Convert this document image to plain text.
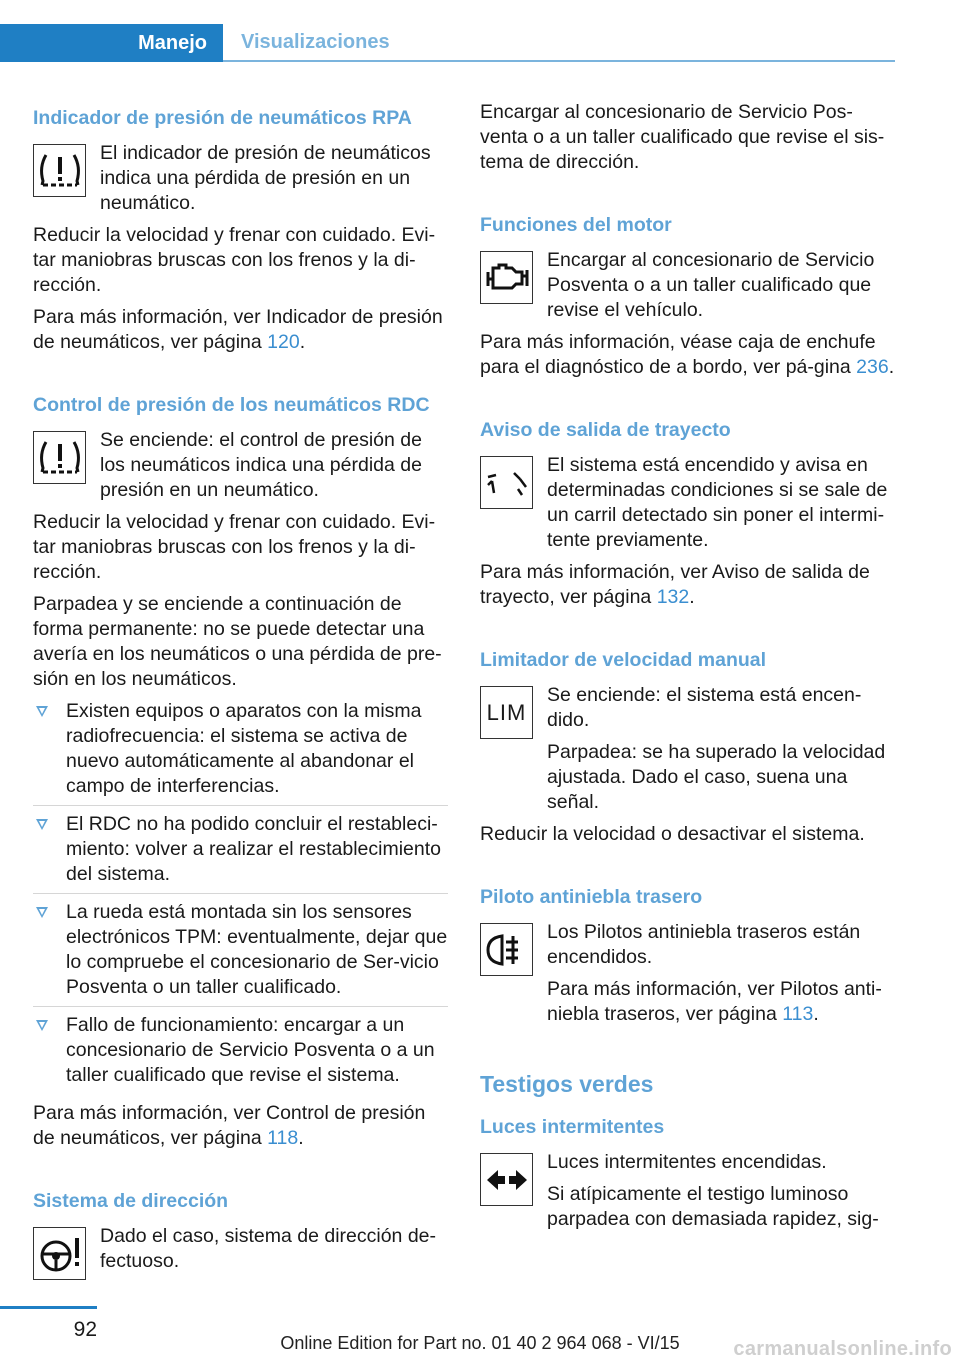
Manejo	Visualizaciones
Indicador de presión de neumáticos RPA

El indicador de presión de neumáticos indica una pérdida de presión en un neumático.

Reducir la velocidad y frenar con cuidado. Evi-tar maniobras bruscas con los frenos y la di-rección.

Para más información, ver Indicador de presión de neumáticos, ver página 120.

Control de presión de los neumáticos RDC

Se enciende: el control de presión de los neumáticos indica una pérdida de presión en un neumático.

Reducir la velocidad y frenar con cuidado. Evi-tar maniobras bruscas con los frenos y la di-rección.

Parpadea y se enciende a continuación de forma permanente: no se puede detectar una avería en los neumáticos o una pérdida de pre-sión en los neumáticos.

Existen equipos o aparatos con la misma radiofrecuencia: el sistema se activa de nuevo automáticamente al abandonar el campo de interferencias.
El RDC no ha podido concluir el restableci-miento: volver a realizar el restablecimiento del sistema.
La rueda está montada sin los sensores electrónicos TPM: eventualmente, dejar que lo compruebe el concesionario de Ser-vicio Posventa o un taller cualificado.
Fallo de funcionamiento: encargar a un concesionario de Servicio Posventa o a un taller cualificado que revise el sistema.

Para más información, ver Control de presión de neumáticos, ver página 118.

Sistema de dirección

Dado el caso, sistema de dirección de-fectuoso.

Encargar al concesionario de Servicio Pos-venta o a un taller cualificado que revise el sis-tema de dirección.

Funciones del motor

Encargar al concesionario de Servicio Posventa o a un taller cualificado que revise el vehículo.

Para más información, véase caja de enchufe para el diagnóstico de a bordo, ver pá-gina 236.

Aviso de salida de trayecto

El sistema está encendido y avisa en determinadas condiciones si se sale de un carril detectado sin poner el intermi-tente previamente.

Para más información, ver Aviso de salida de trayecto, ver página 132.

Limitador de velocidad manual
LIM

Se enciende: el sistema está encen-dido.

Parpadea: se ha superado la velocidad ajustada. Dado el caso, suena una señal.

Reducir la velocidad o desactivar el sistema.

Piloto antiniebla trasero

Los Pilotos antiniebla traseros están encendidos.

Para más información, ver Pilotos anti-niebla traseros, ver página 113.

Testigos verdes
Luces intermitentes

Luces intermitentes encendidas.

Si atípicamente el testigo luminoso parpadea con demasiada rapidez, sig-

92
Online Edition for Part no. 01 40 2 964 068 - VI/15	carmanualsonline.info
